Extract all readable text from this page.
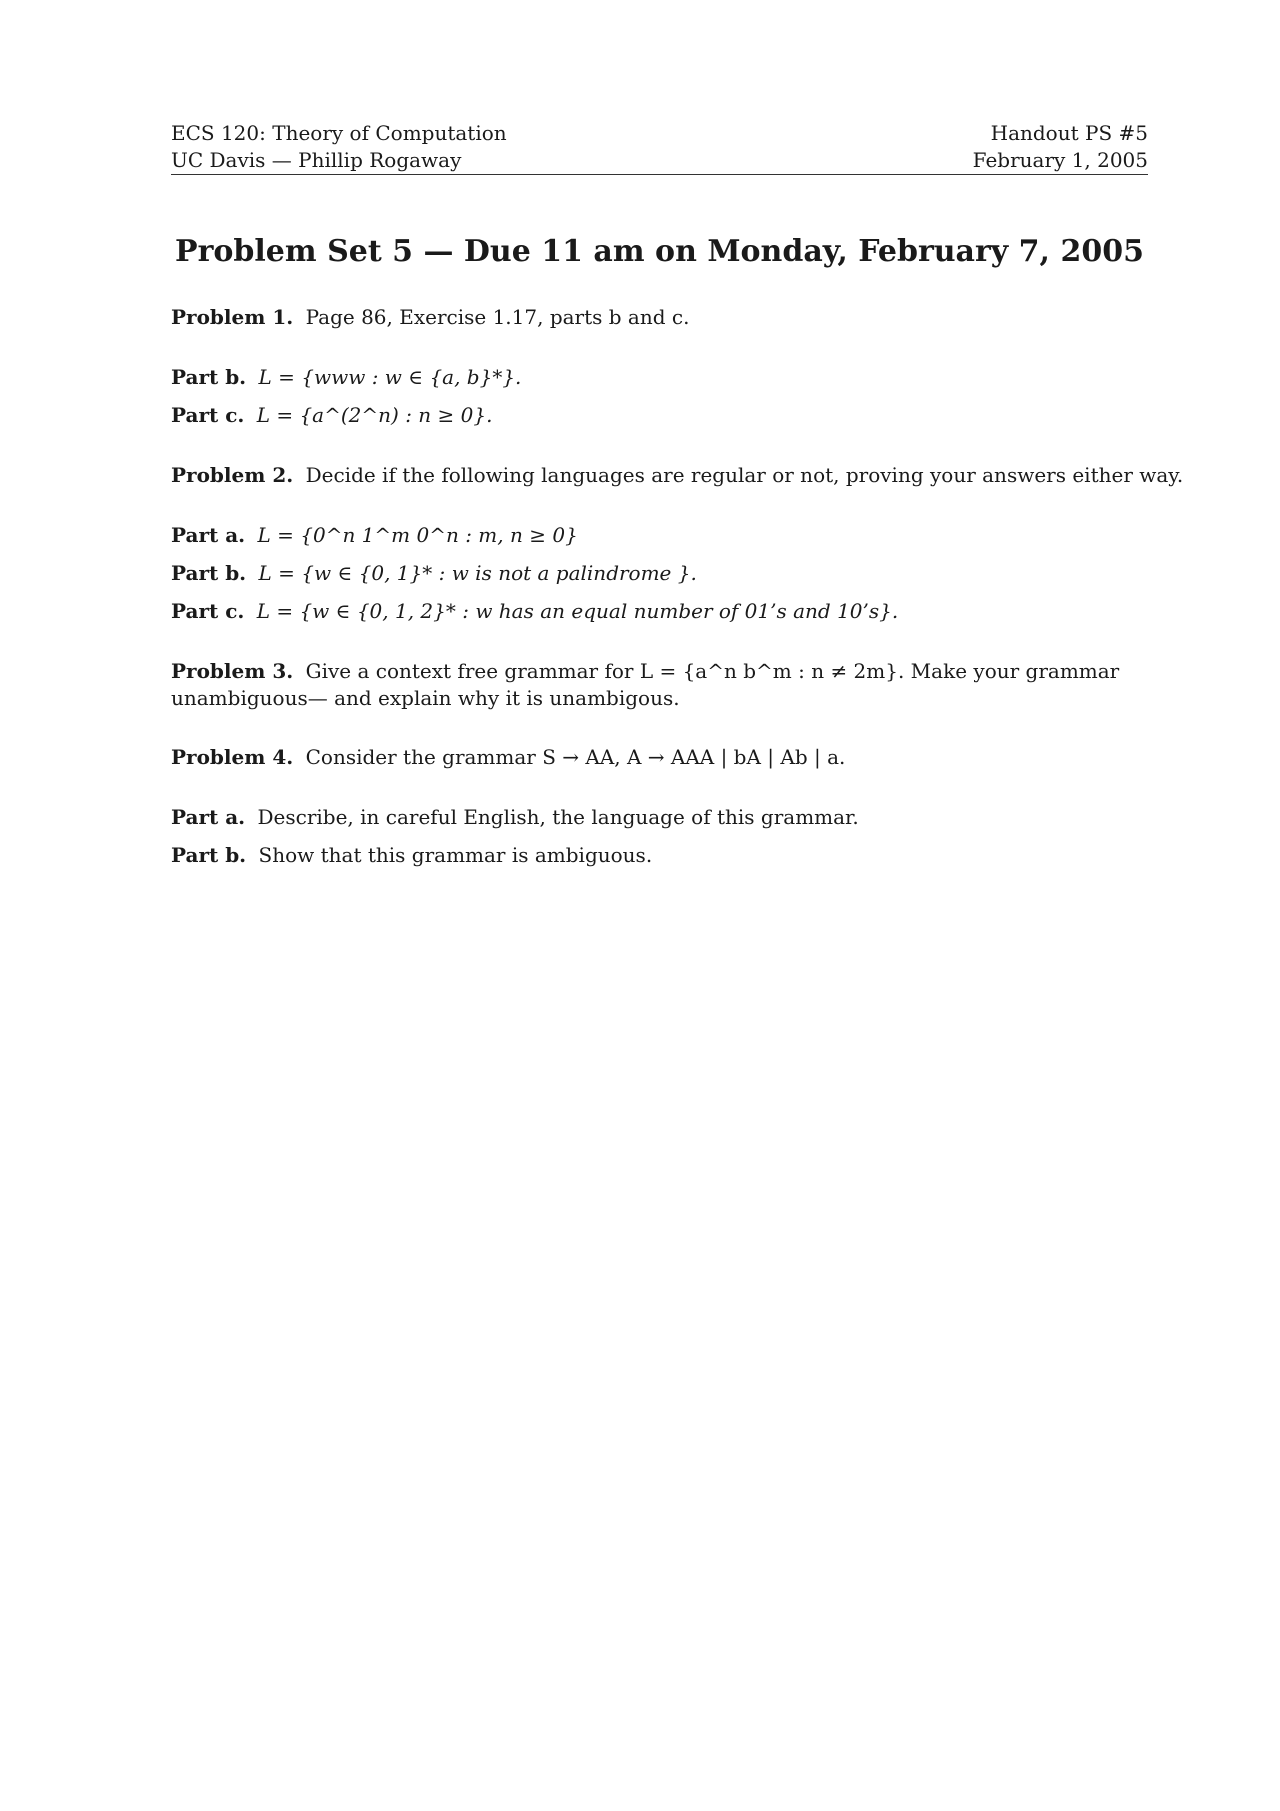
ECS 120: Theory of Computation
UC Davis — Phillip Rogaway
Handout PS #5
February 1, 2005
Problem Set 5 — Due 11 am on Monday, February 7, 2005
Problem 1. Page 86, Exercise 1.17, parts b and c.
Part b. L = {www : w ∈ {a, b}*}.
Part c. L = {a^(2^n) : n ≥ 0}.
Problem 2. Decide if the following languages are regular or not, proving your answers either way.
Part a. L = {0^n 1^m 0^n : m, n ≥ 0}
Part b. L = {w ∈ {0, 1}* : w is not a palindrome }.
Part c. L = {w ∈ {0, 1, 2}* : w has an equal number of 01’s and 10’s}.
Problem 3. Give a context free grammar for L = {a^n b^m : n ≠ 2m}. Make your grammar unambiguous— and explain why it is unambigous.
Problem 4. Consider the grammar S → AA, A → AAA | bA | Ab | a.
Part a. Describe, in careful English, the language of this grammar.
Part b. Show that this grammar is ambiguous.
